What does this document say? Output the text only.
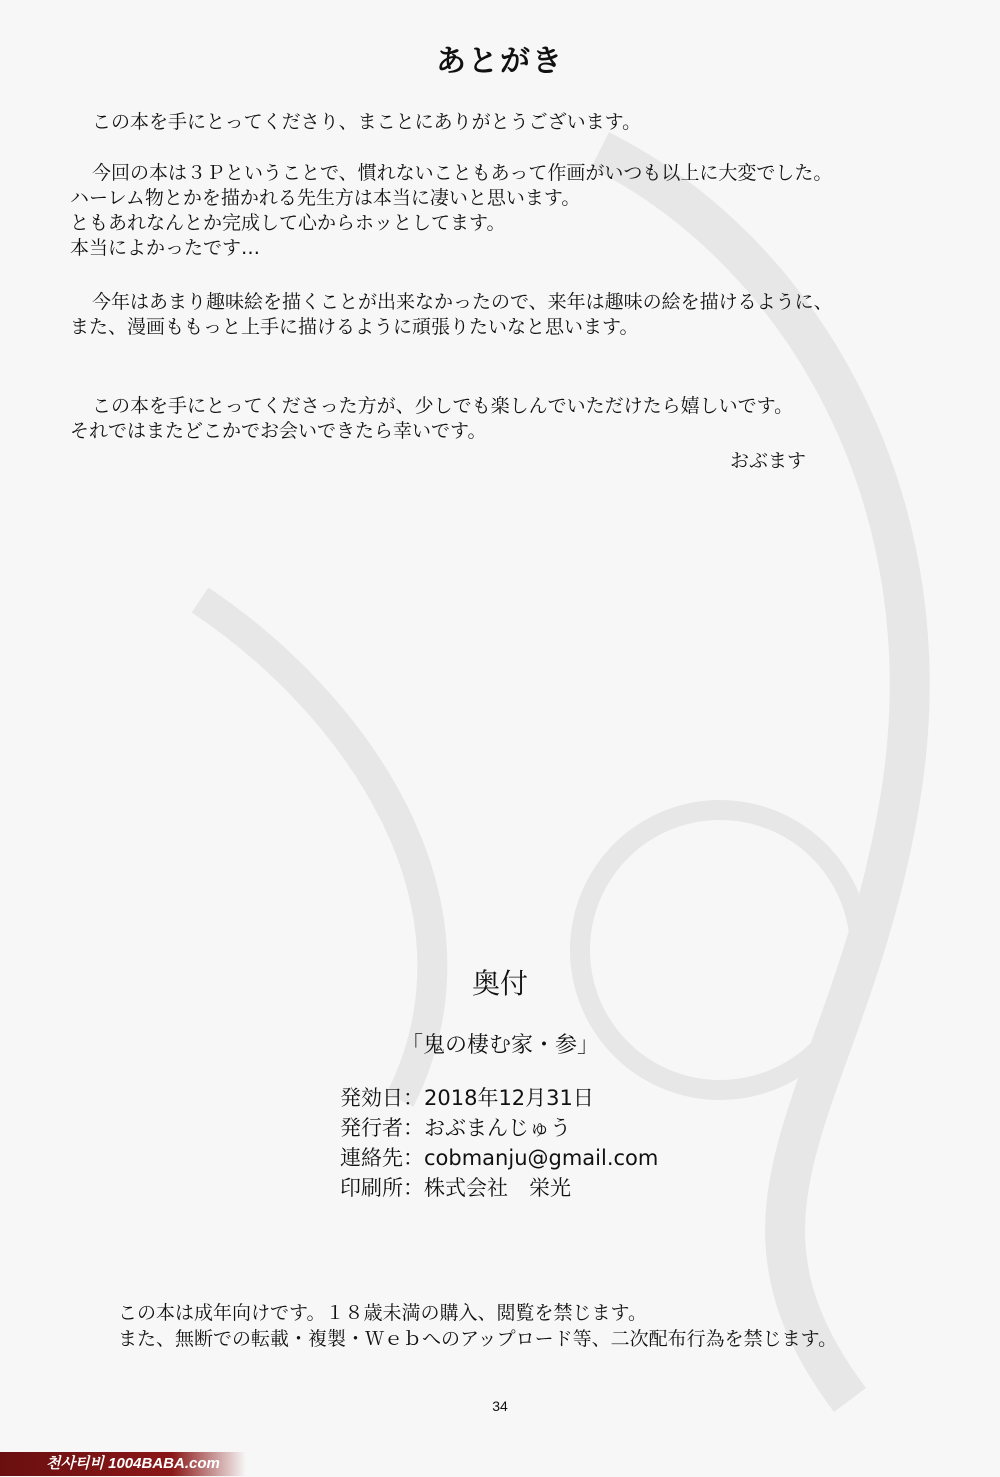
あとがき
この本を手にとってくださり、まことにありがとうございます。
今回の本は３Ｐということで、慣れないこともあって作画がいつも以上に大変でした。
ハーレム物とかを描かれる先生方は本当に凄いと思います。
ともあれなんとか完成して心からホッとしてます。
本当によかったです…
今年はあまり趣味絵を描くことが出来なかったので、来年は趣味の絵を描けるように、
また、漫画ももっと上手に描けるように頑張りたいなと思います。
この本を手にとってくださった方が、少しでも楽しんでいただけたら嬉しいです。
それではまたどこかでお会いできたら幸いです。
おぶます
奥付
「鬼の棲む家・参」
発効日：2018年12月31日
発行者：おぶまんじゅう
連絡先：cobmanju@gmail.com
印刷所：株式会社　栄光
この本は成年向けです。１８歳未満の購入、閲覧を禁じます。
また、無断での転載・複製・Ｗｅｂへのアップロード等、二次配布行為を禁じます。
34
천사티비 1004BABA.com
